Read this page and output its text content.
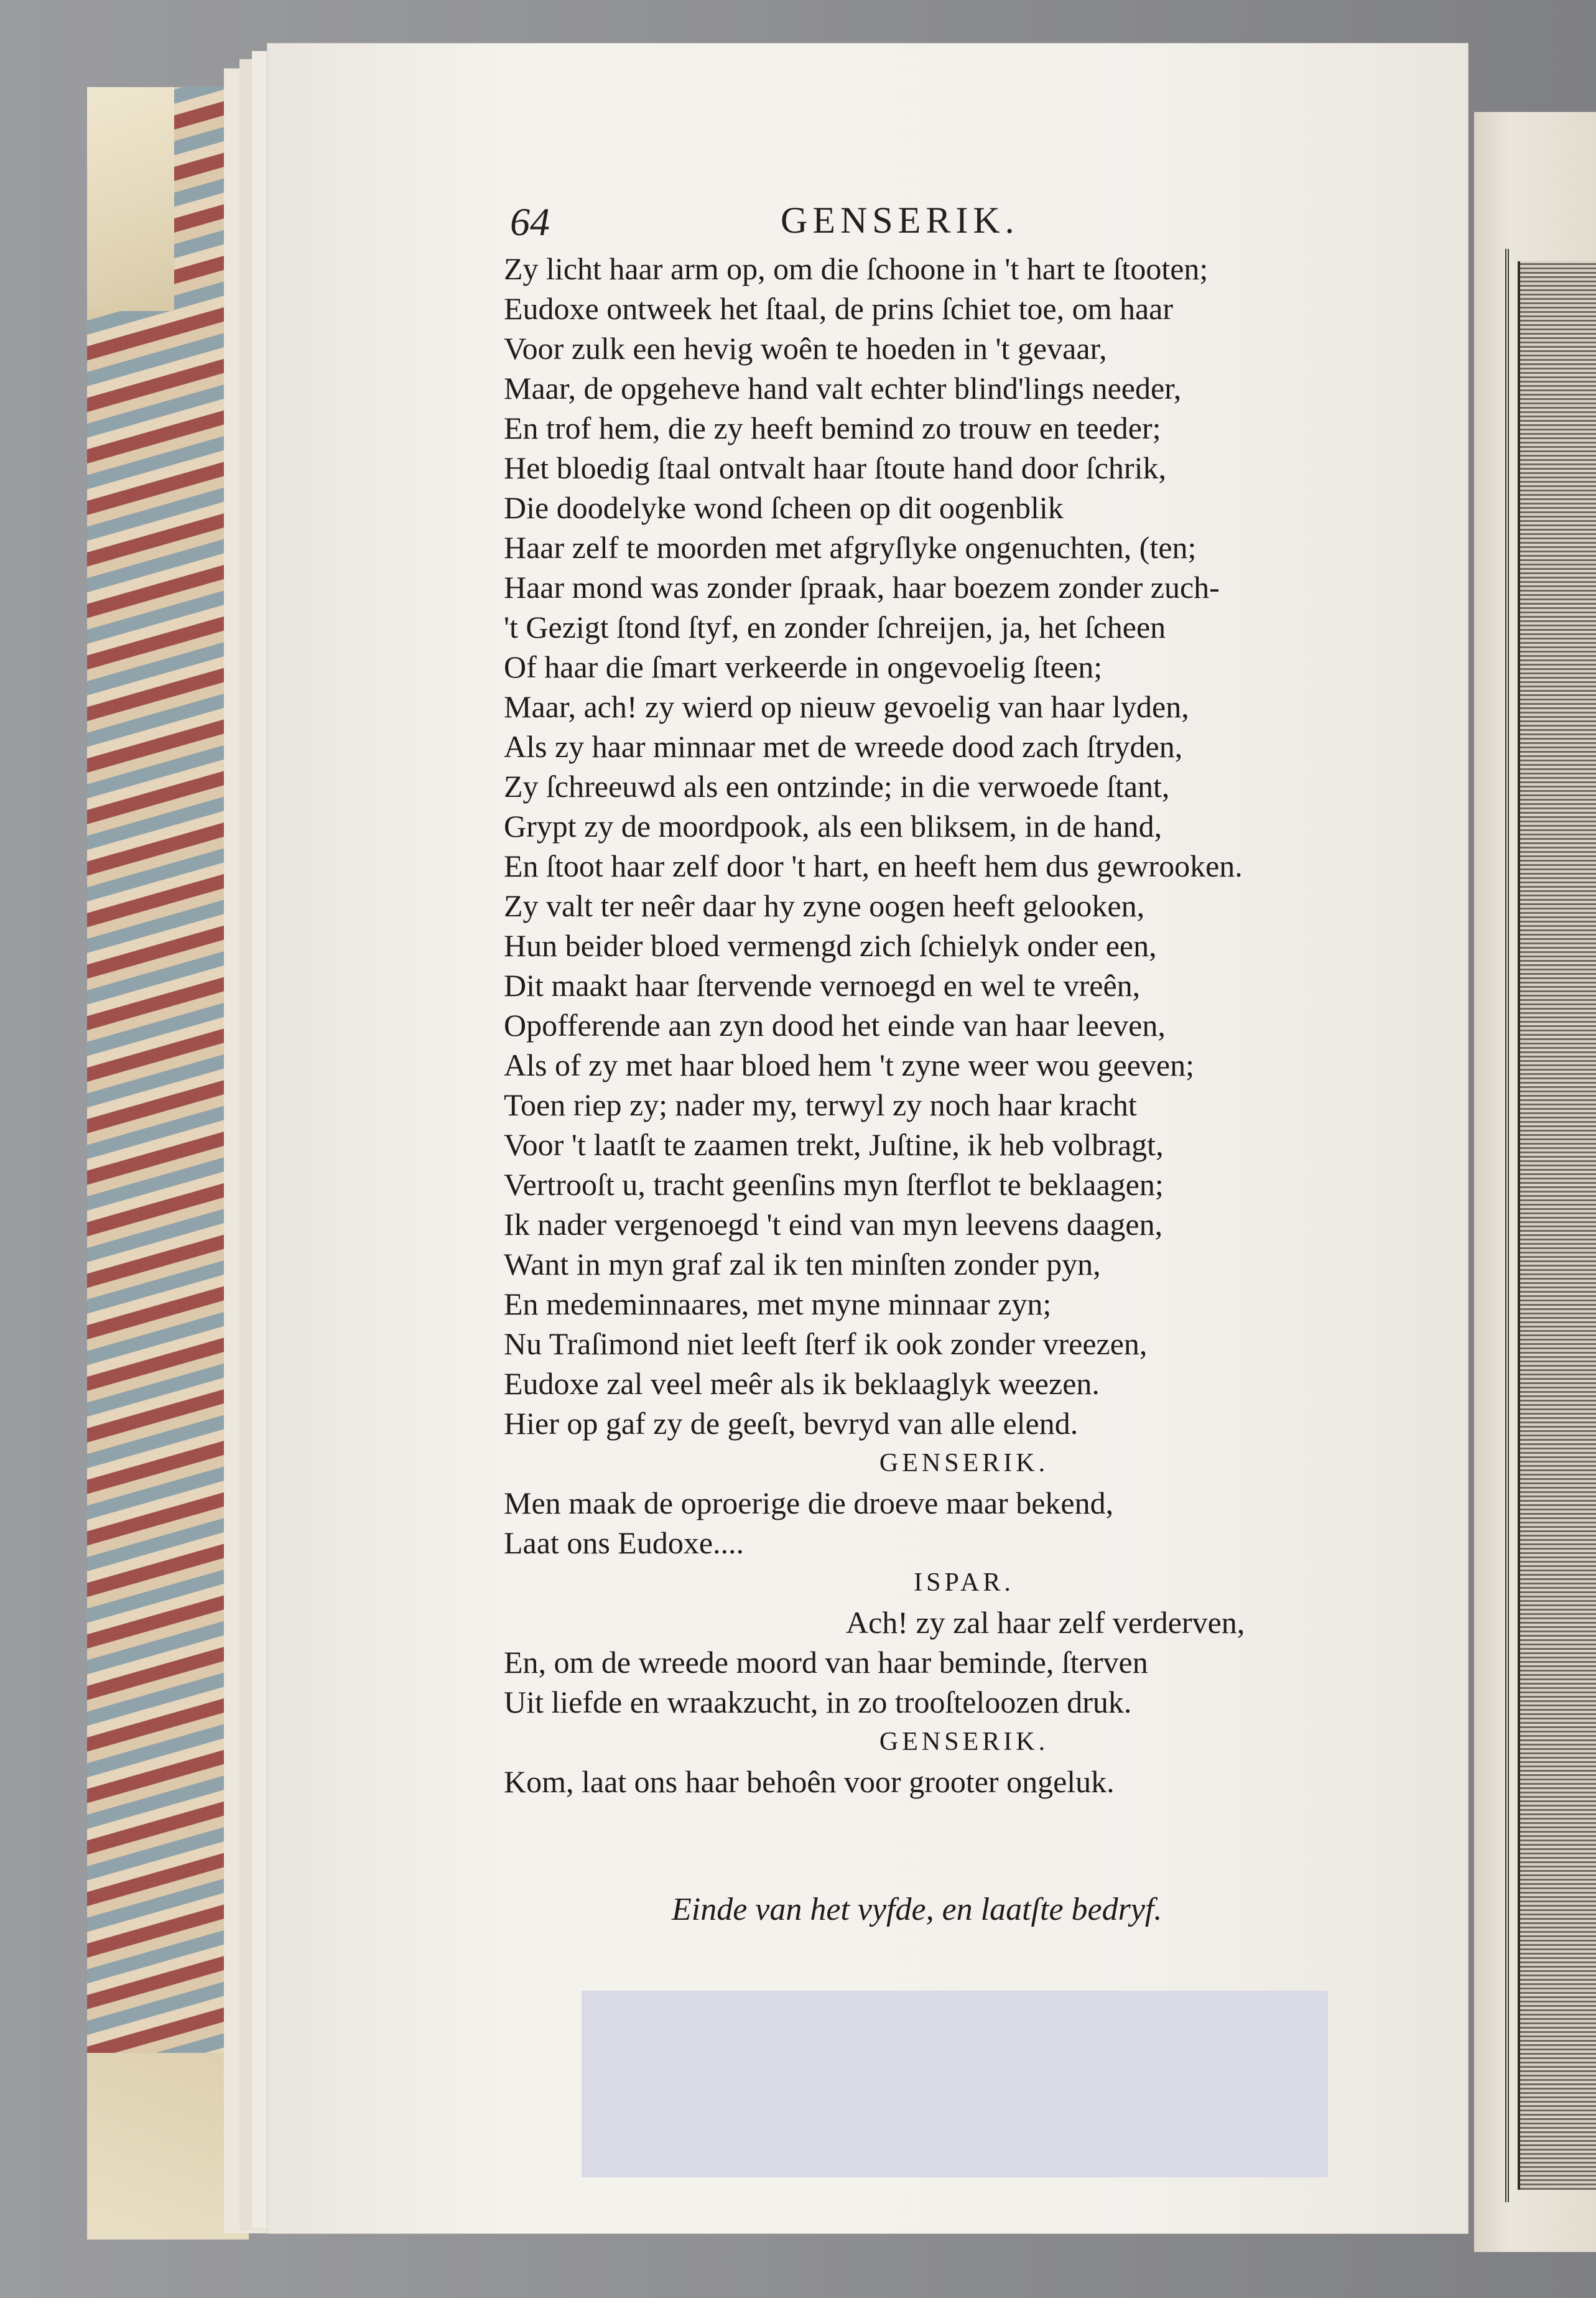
64	GENSERIK.
Zy licht haar arm op, om die ſchoone in 't hart te ſtooten;
Eudoxe ontweek het ſtaal, de prins ſchiet toe, om haar
Voor zulk een hevig woên te hoeden in 't gevaar,
Maar, de opgeheve hand valt echter blind'lings needer,
En trof hem, die zy heeft bemind zo trouw en teeder;
Het bloedig ſtaal ontvalt haar ſtoute hand door ſchrik,
Die doodelyke wond ſcheen op dit oogenblik
Haar zelf te moorden met afgryſlyke ongenuchten, (ten;
Haar mond was zonder ſpraak, haar boezem zonder zuch-
't Gezigt ſtond ſtyf, en zonder ſchreijen, ja, het ſcheen
Of haar die ſmart verkeerde in ongevoelig ſteen;
Maar, ach! zy wierd op nieuw gevoelig van haar lyden,
Als zy haar minnaar met de wreede dood zach ſtryden,
Zy ſchreeuwd als een ontzinde; in die verwoede ſtant,
Grypt zy de moordpook, als een bliksem, in de hand,
En ſtoot haar zelf door 't hart, en heeft hem dus gewrooken.
Zy valt ter neêr daar hy zyne oogen heeft gelooken,
Hun beider bloed vermengd zich ſchielyk onder een,
Dit maakt haar ſtervende vernoegd en wel te vreên,
Opofferende aan zyn dood het einde van haar leeven,
Als of zy met haar bloed hem 't zyne weer wou geeven;
Toen riep zy; nader my, terwyl zy noch haar kracht
Voor 't laatſt te zaamen trekt, Juſtine, ik heb volbragt,
Vertrooſt u, tracht geenſins myn ſterflot te beklaagen;
Ik nader vergenoegd 't eind van myn leevens daagen,
Want in myn graf zal ik ten minſten zonder pyn,
En medeminnaares, met myne minnaar zyn;
Nu Traſimond niet leeft ſterf ik ook zonder vreezen,
Eudoxe zal veel meêr als ik beklaaglyk weezen.
Hier op gaf zy de geeſt, bevryd van alle elend.
GENSERIK.
Men maak de oproerige die droeve maar bekend,
Laat ons Eudoxe....
ISPAR.
Ach! zy zal haar zelf verderven,
En, om de wreede moord van haar beminde, ſterven
Uit liefde en wraakzucht, in zo trooſteloozen druk.
GENSERIK.
Kom, laat ons haar behoên voor grooter ongeluk.
Einde van het vyfde, en laatſte bedryf.
